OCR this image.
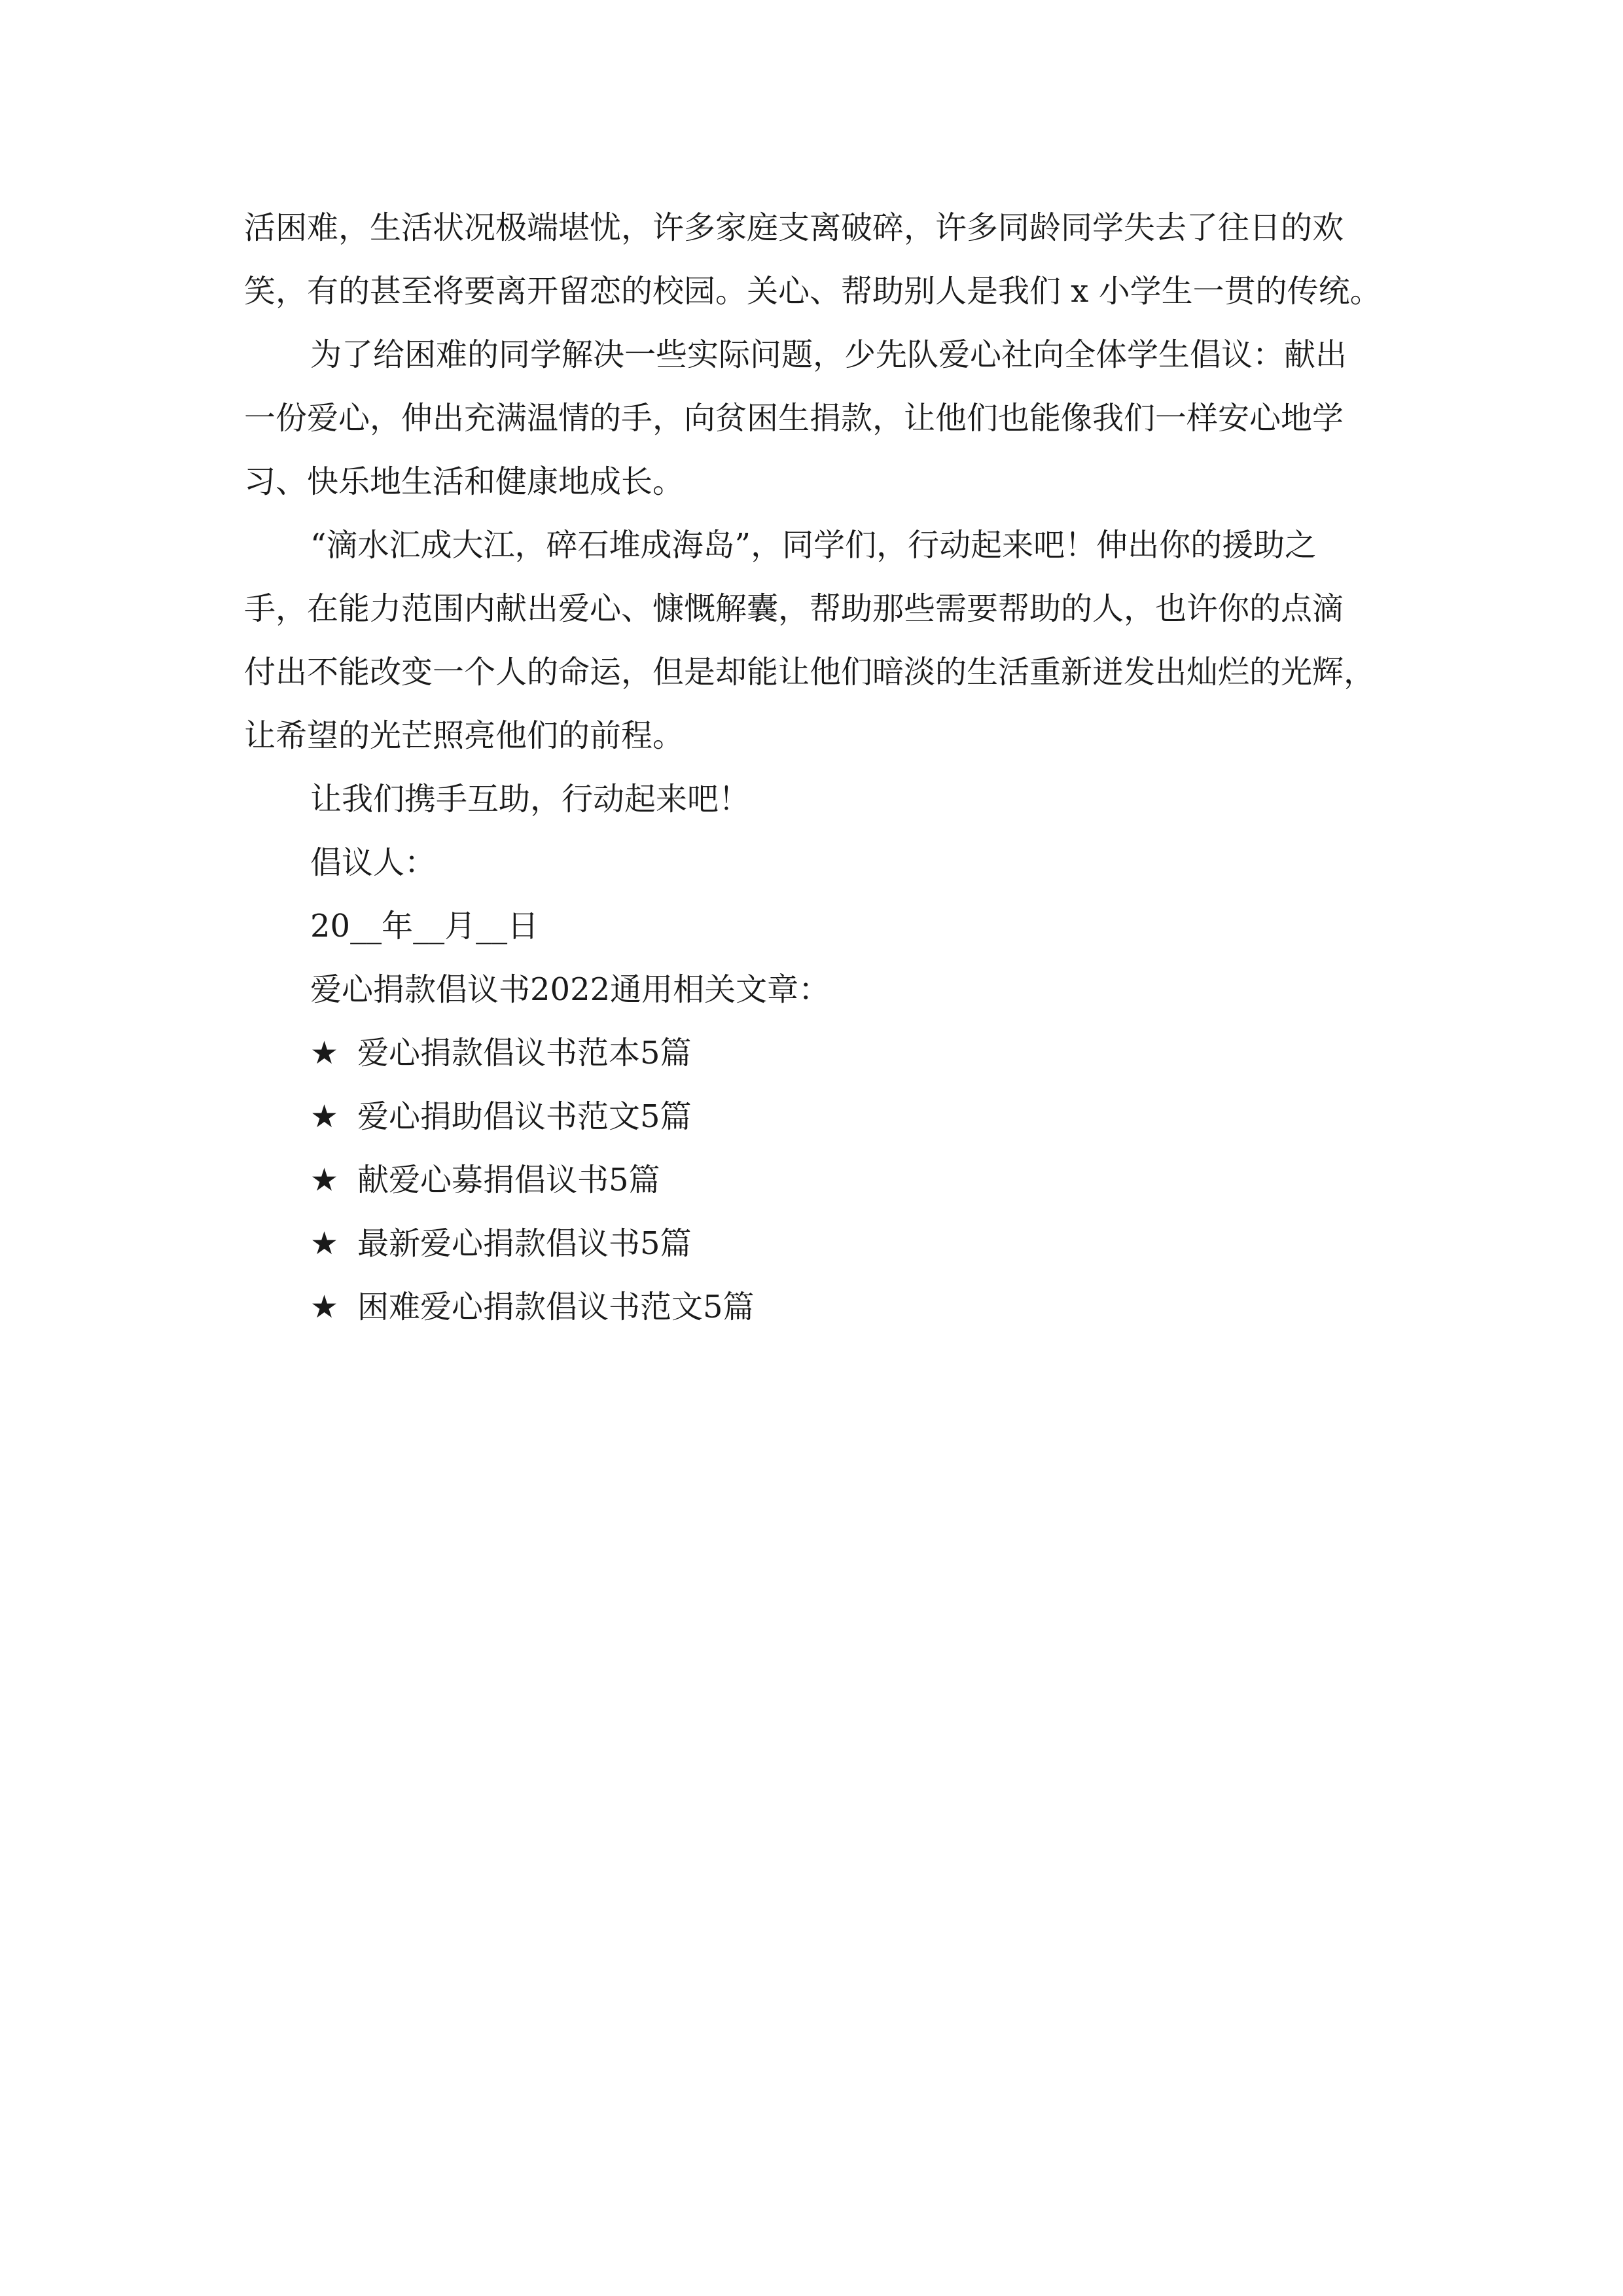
活困难，生活状况极端堪忧，许多家庭支离破碎，许多同龄同学失去了往日的欢

笑，有的甚至将要离开留恋的校园。关心、帮助别人是我们 x 小学生一贯的传统。

为了给困难的同学解决一些实际问题，少先队爱心社向全体学生倡议：献出

一份爱心，伸出充满温情的手，向贫困生捐款，让他们也能像我们一样安心地学

习、快乐地生活和健康地成长。

“滴水汇成大江，碎石堆成海岛”，同学们，行动起来吧！伸出你的援助之

手，在能力范围内献出爱心、慷慨解囊，帮助那些需要帮助的人，也许你的点滴

付出不能改变一个人的命运，但是却能让他们暗淡的生活重新迸发出灿烂的光辉，

让希望的光芒照亮他们的前程。

让我们携手互助，行动起来吧！

倡议人：

20__年__月__日

爱心捐款倡议书2022通用相关文章：

★ 爱心捐款倡议书范本5篇

★ 爱心捐助倡议书范文5篇

★ 献爱心募捐倡议书5篇

★ 最新爱心捐款倡议书5篇

★ 困难爱心捐款倡议书范文5篇
